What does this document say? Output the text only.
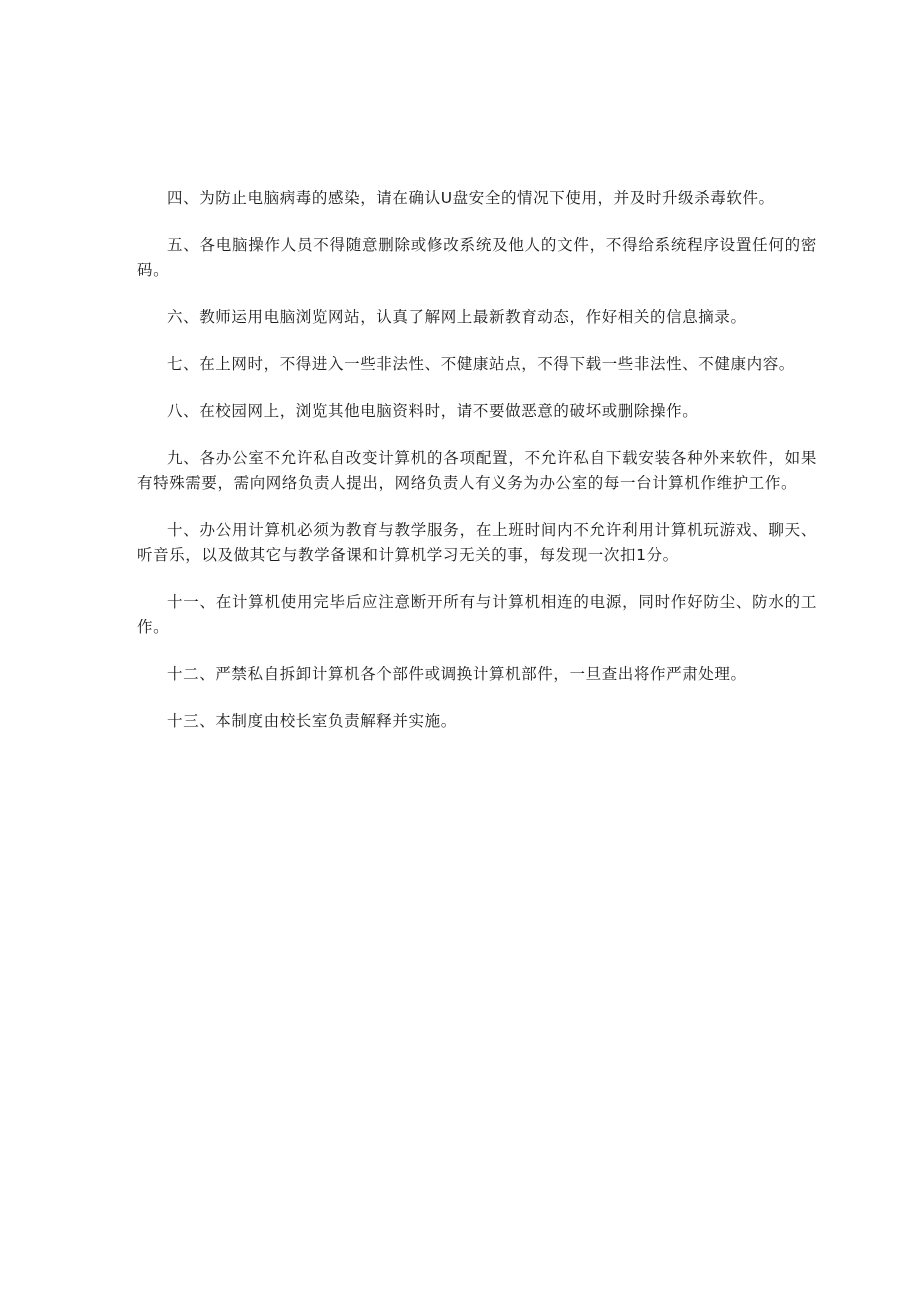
四、为防止电脑病毒的感染，请在确认U盘安全的情况下使用，并及时升级杀毒软件。

五、各电脑操作人员不得随意删除或修改系统及他人的文件，不得给系统程序设置任何的密码。

六、教师运用电脑浏览网站，认真了解网上最新教育动态，作好相关的信息摘录。

七、在上网时，不得进入一些非法性、不健康站点，不得下载一些非法性、不健康内容。

八、在校园网上，浏览其他电脑资料时，请不要做恶意的破坏或删除操作。

九、各办公室不允许私自改变计算机的各项配置，不允许私自下载安装各种外来软件，如果有特殊需要，需向网络负责人提出，网络负责人有义务为办公室的每一台计算机作维护工作。

十、办公用计算机必须为教育与教学服务，在上班时间内不允许利用计算机玩游戏、聊天、听音乐，以及做其它与教学备课和计算机学习无关的事，每发现一次扣1分。

十一、在计算机使用完毕后应注意断开所有与计算机相连的电源，同时作好防尘、防水的工作。

十二、严禁私自拆卸计算机各个部件或调换计算机部件，一旦查出将作严肃处理。

十三、本制度由校长室负责解释并实施。
